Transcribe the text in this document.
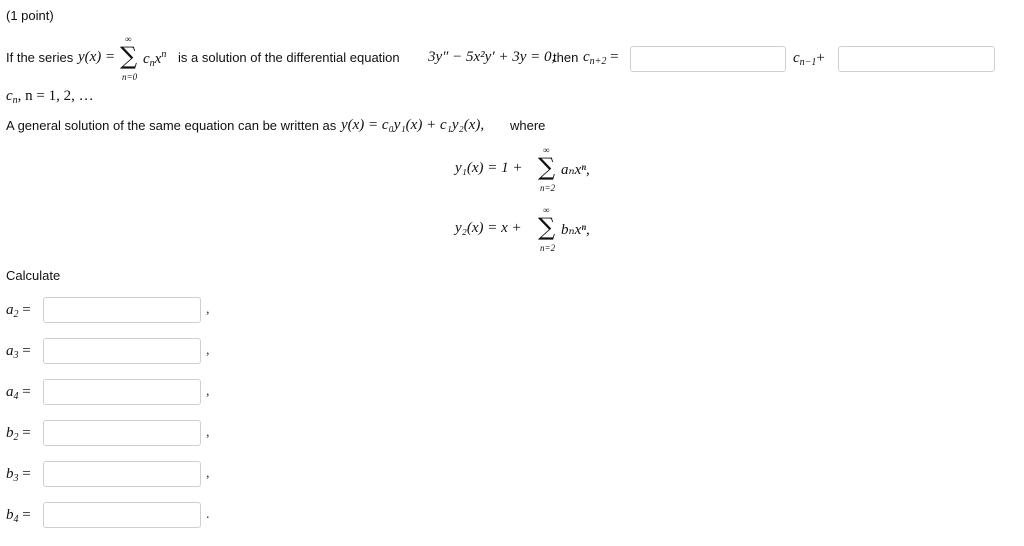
(1 point)
If the series y(x) =
∞
∑
n=0
$c_nx^n$ is a solution of the differential equation 3y″ − 5x²y′ + 3y = 0,
then $c_{n+2}$ =	$c_{n-1}+$
$c_n$, n = 1, 2, …
A general solution of the same equation can be written as y(x) = c₀y₁(x) + c₁y₂(x), where
y₁(x) = 1 +
∞
∑
n=2
aₙxⁿ,
y₂(x) = x +
∞
∑
n=2
bₙxⁿ,
Calculate
$a_2$ =	,
$a_3$ =	,
$a_4$ =	,
$b_2$ =	,
$b_3$ =	,
$b_4$ =	.
